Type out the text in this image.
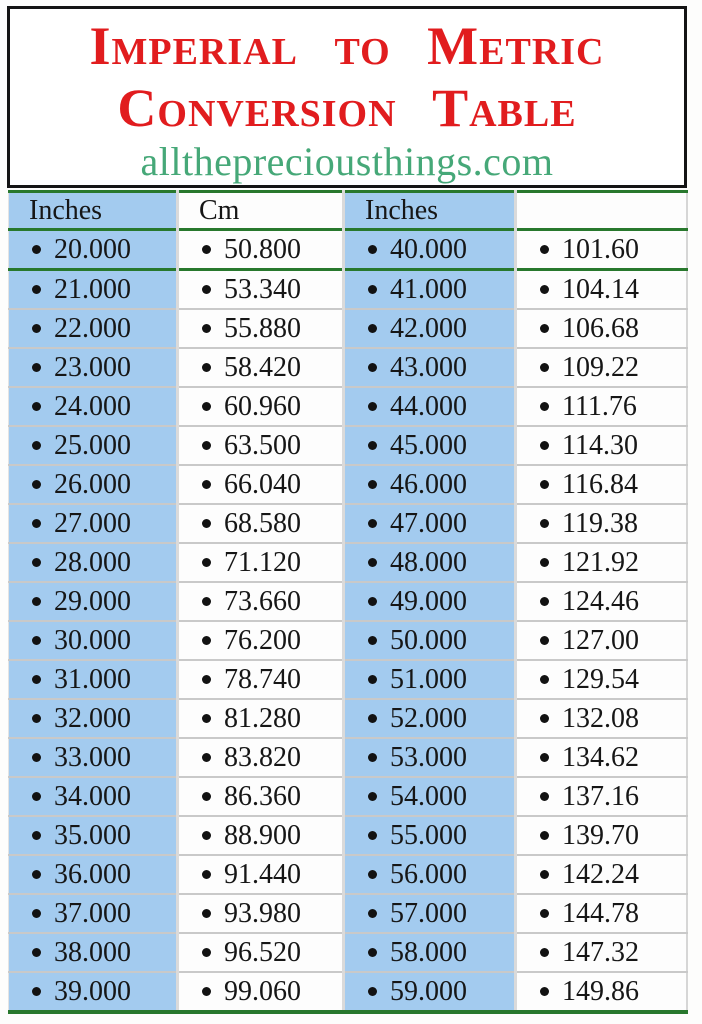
Imperial to Metric
Conversion Table
allthepreciousthings.com
Inches	Cm	Inches	
20.000	50.800	40.000	101.60
21.000	53.340	41.000	104.14
22.000	55.880	42.000	106.68
23.000	58.420	43.000	109.22
24.000	60.960	44.000	111.76
25.000	63.500	45.000	114.30
26.000	66.040	46.000	116.84
27.000	68.580	47.000	119.38
28.000	71.120	48.000	121.92
29.000	73.660	49.000	124.46
30.000	76.200	50.000	127.00
31.000	78.740	51.000	129.54
32.000	81.280	52.000	132.08
33.000	83.820	53.000	134.62
34.000	86.360	54.000	137.16
35.000	88.900	55.000	139.70
36.000	91.440	56.000	142.24
37.000	93.980	57.000	144.78
38.000	96.520	58.000	147.32
39.000	99.060	59.000	149.86
